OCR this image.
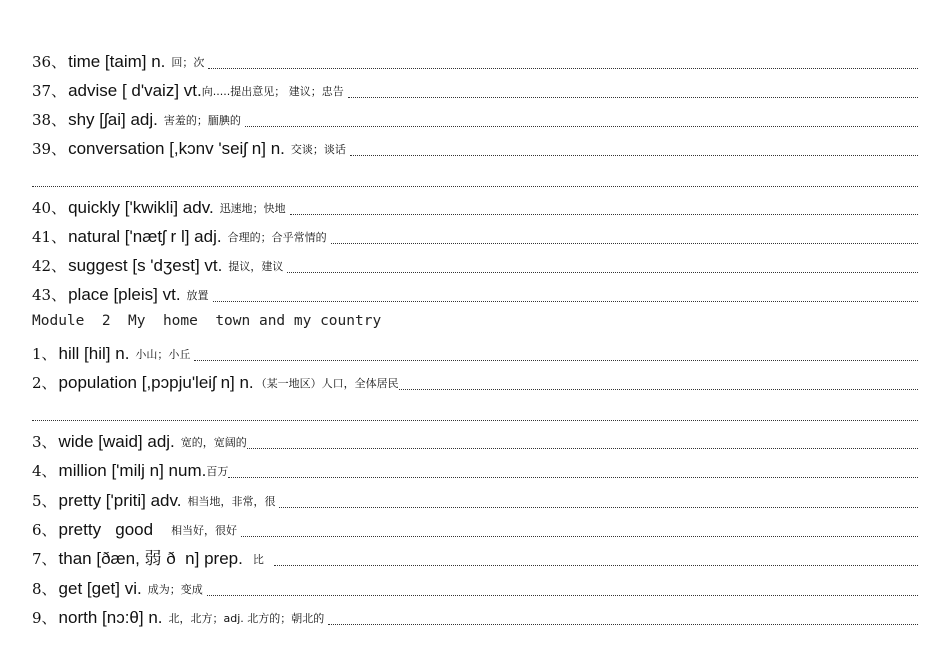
36、 time [taim] n. 回；次
37、 advise [ d'vaiz] vt. 向.....提出意见； 建议；忠告
38、 shy [ʃai] adj. 害羞的；腼腆的
39、 conversation [,kɔnv 'seiʃ n] n. 交谈；谈话
40、 quickly ['kwikli] adv. 迅速地；快地
41、 natural ['nætʃ r l] adj. 合理的；合乎常情的
42、 suggest [s 'dʒest] vt. 提议，建议
43、 place [pleis] vt. 放置
Module  2  My  home  town and my country
1、 hill [hil] n. 小山；小丘
2、 population [,pɔpju'leiʃ n] n. （某一地区）人口，全体居民
3、 wide [waid] adj. 宽的，宽阔的
4、 million ['milj n] num. 百万
5、 pretty ['priti] adv. 相当地，非常，很
6、 pretty   good 相当好，很好
7、 than [ðæn, 弱 ð  n] prep. 比
8、 get [ɡet] vi. 成为；变成
9、 north [nɔ:θ] n. 北，北方；adj. 北方的；朝北的
